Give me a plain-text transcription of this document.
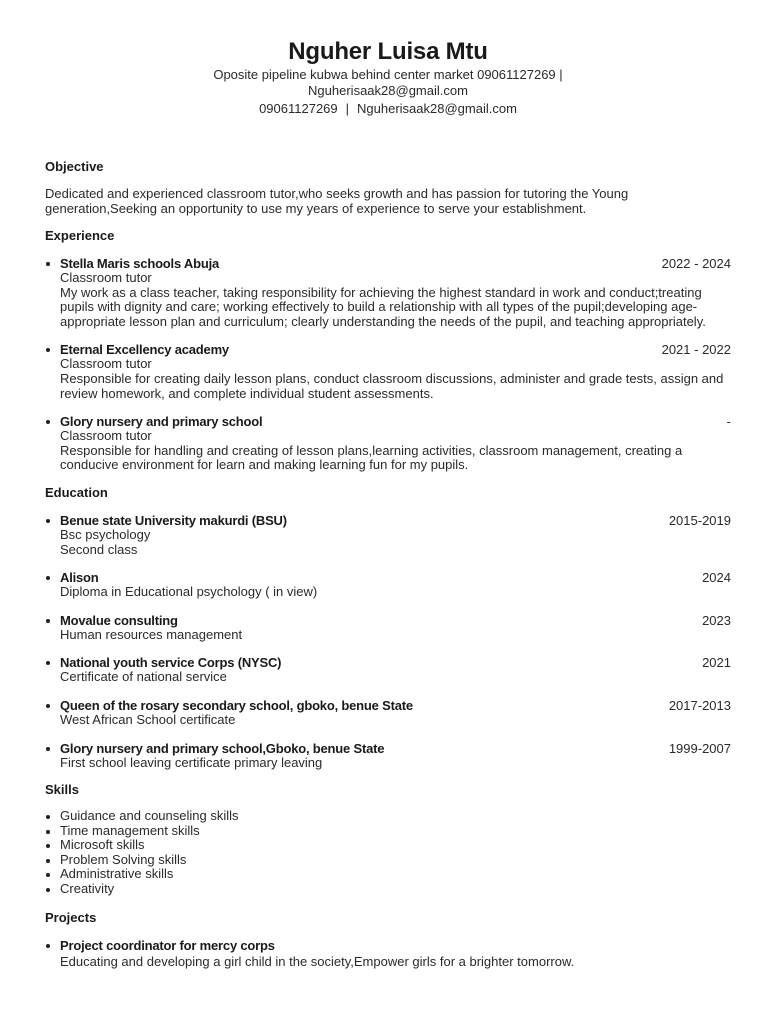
Nguher Luisa Mtu
Oposite pipeline kubwa behind center market 09061127269 |
Nguherisaak28@gmail.com
09061127269 | Nguherisaak28@gmail.com
Objective
Dedicated and experienced classroom tutor,who seeks growth and has passion for tutoring the Young generation,Seeking an opportunity to use my years of experience to serve your establishment.
Experience
Stella Maris schools Abuja	2022 - 2024
Classroom tutor
My work as a class teacher, taking responsibility for achieving the highest standard in work and conduct;treating pupils with dignity and care; working effectively to build a relationship with all types of the pupil;developing age-appropriate lesson plan and curriculum; clearly understanding the needs of the pupil, and teaching appropriately.
Eternal Excellency academy	2021 - 2022
Classroom tutor
Responsible for creating daily lesson plans, conduct classroom discussions, administer and grade tests, assign and review homework, and complete individual student assessments.
Glory nursery and primary school	-
Classroom tutor
Responsible for handling and creating of lesson plans,learning activities, classroom management, creating a conducive environment for learn and making learning fun for my pupils.
Education
Benue state University makurdi (BSU)	2015-2019
Bsc psychology
Second class
Alison	2024
Diploma in Educational psychology ( in view)
Movalue consulting	2023
Human resources management
National youth service Corps (NYSC)	2021
Certificate of national service
Queen of the rosary secondary school, gboko, benue State	2017-2013
West African School certificate
Glory nursery and primary school,Gboko, benue State	1999-2007
First school leaving certificate primary leaving
Skills
Guidance and counseling skills
Time management skills
Microsoft skills
Problem Solving skills
Administrative skills
Creativity
Projects
Project coordinator for mercy corps
Educating and developing a girl child in the society,Empower girls for a brighter tomorrow.
